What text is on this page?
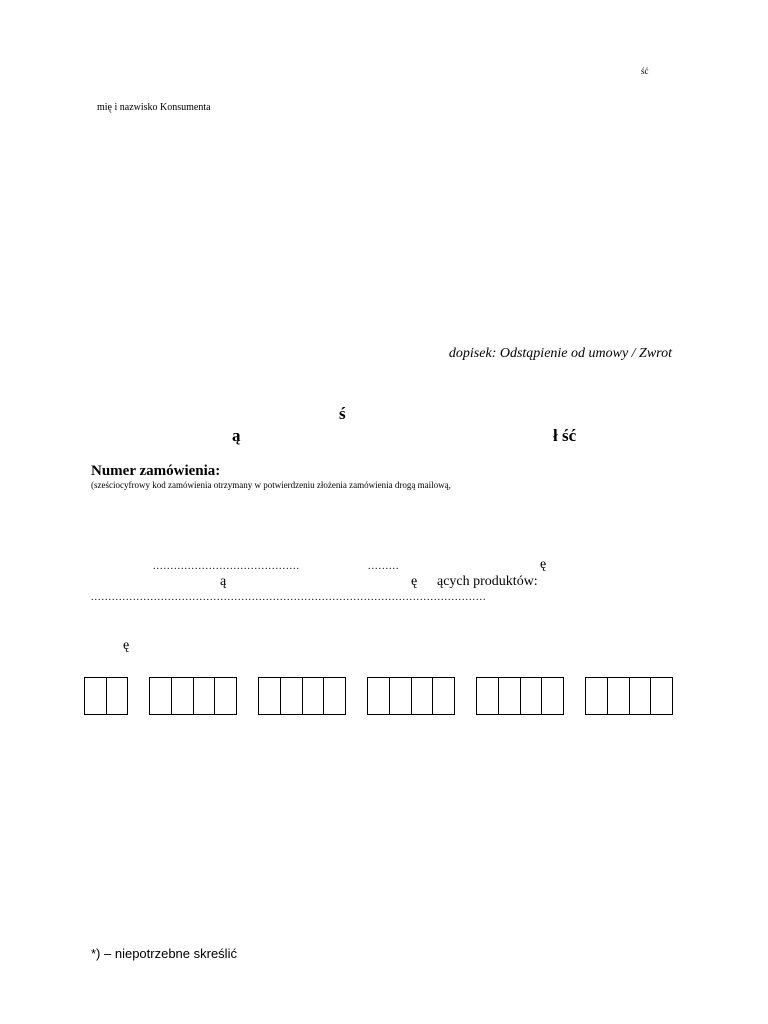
ść
mię i nazwisko Konsumenta
dopisek: Odstąpienie od umowy / Zwrot
ś
ą	ł ść
Numer zamówienia:
(sześciocyfrowy kod zamówienia otrzymany w potwierdzeniu złożenia zamówienia drogą mailową,
..........................................	.........	ę
ą	ę ących produktów:
.................................................................................................................
ę
*) – niepotrzebne skreślić
